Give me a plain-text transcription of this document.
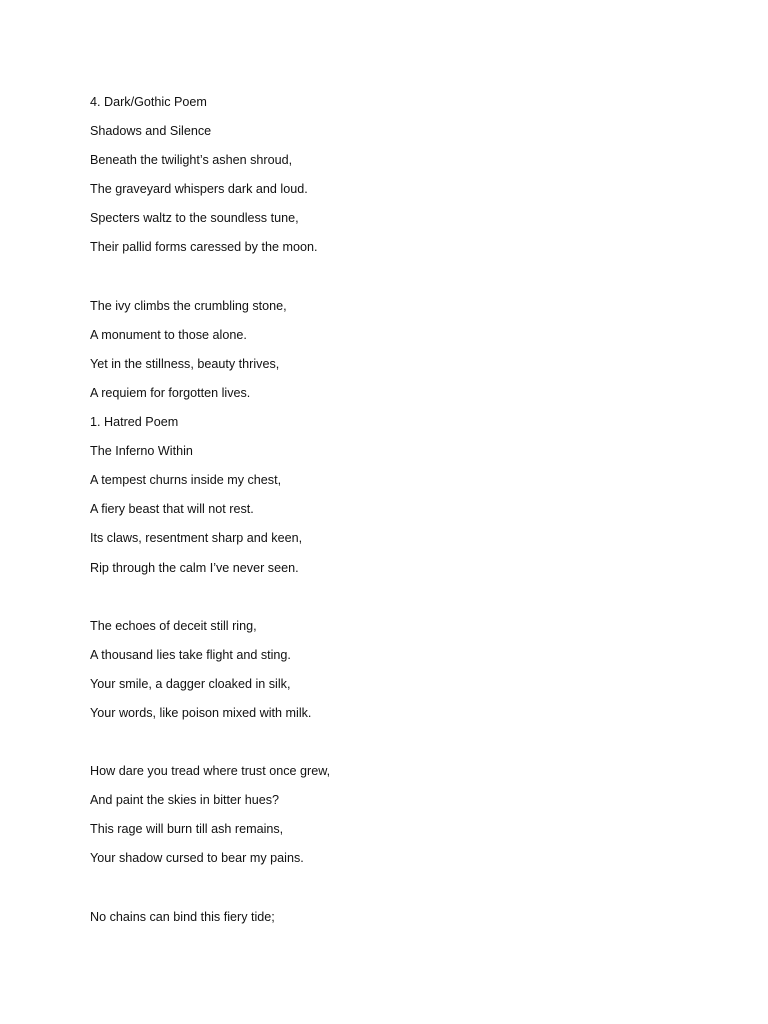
4. Dark/Gothic Poem
Shadows and Silence
Beneath the twilight’s ashen shroud,
The graveyard whispers dark and loud.
Specters waltz to the soundless tune,
Their pallid forms caressed by the moon.
The ivy climbs the crumbling stone,
A monument to those alone.
Yet in the stillness, beauty thrives,
A requiem for forgotten lives.
1. Hatred Poem
The Inferno Within
A tempest churns inside my chest,
A fiery beast that will not rest.
Its claws, resentment sharp and keen,
Rip through the calm I’ve never seen.
The echoes of deceit still ring,
A thousand lies take flight and sting.
Your smile, a dagger cloaked in silk,
Your words, like poison mixed with milk.
How dare you tread where trust once grew,
And paint the skies in bitter hues?
This rage will burn till ash remains,
Your shadow cursed to bear my pains.
No chains can bind this fiery tide;
